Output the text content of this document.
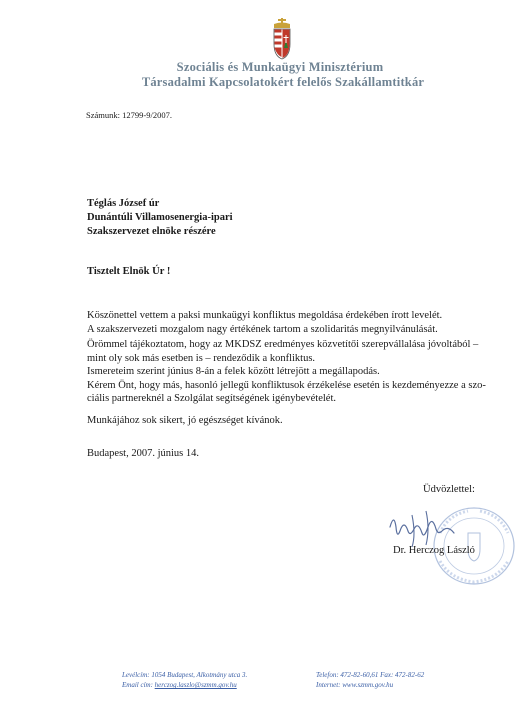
Szociális és Munkaügyi Minisztérium
Társadalmi Kapcsolatokért felelős Szakállamtitkár
Számunk: 12799-9/2007.
Téglás József úr
Dunántúli Villamosenergia-ipari
Szakszervezet elnöke részére
Tisztelt Elnök Úr !
Köszönettel vettem a paksi munkaügyi konfliktus megoldása érdekében írott levelét.
A szakszervezeti mozgalom nagy értékének tartom a szolidaritás megnyilvánulását.
Örömmel tájékoztatom, hogy az MKDSZ eredményes közvetítői szerepvállalása jóvoltából –
mint oly sok más esetben is – rendeződik a konfliktus.
Ismereteim szerint június 8-án a felek között létrejött a megállapodás.
Kérem Önt, hogy más, hasonló jellegű konfliktusok érzékelése esetén is kezdeményezze a szo-
ciális partnereknél a Szolgálat segítségének igénybevételét.
Munkájához sok sikert, jó egészséget kívánok.
Budapest, 2007. június 14.
Üdvözlettel:
Dr. Herczog László
Levélcím: 1054 Budapest, Alkotmány utca 3.
Email cím: herczog.laszlo@szmm.gov.hu
Telefon: 472-82-60,61 Fax: 472-82-62
Internet: www.szmm.gov.hu
